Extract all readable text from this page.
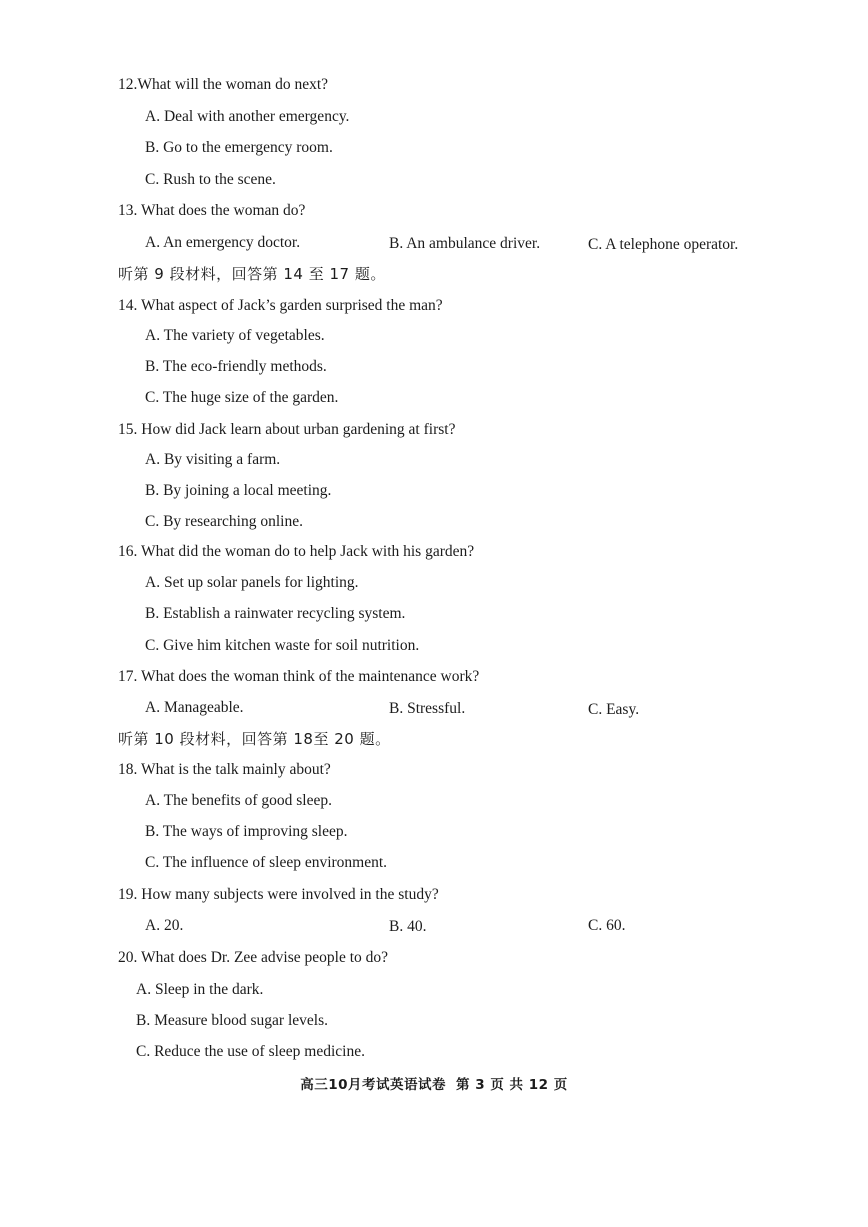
12.What will the woman do next?
A. Deal with another emergency.
B. Go to the emergency room.
C. Rush to the scene.
13. What does the woman do?
A. An emergency doctor.	B. An ambulance driver.	C. A telephone operator.
听第 9 段材料，回答第 14 至 17 题。
14. What aspect of Jack’s garden surprised the man?
A. The variety of vegetables.
B. The eco-friendly methods.
C. The huge size of the garden.
15. How did Jack learn about urban gardening at first?
A. By visiting a farm.
B. By joining a local meeting.
C. By researching online.
16. What did the woman do to help Jack with his garden?
A. Set up solar panels for lighting.
B. Establish a rainwater recycling system.
C. Give him kitchen waste for soil nutrition.
17. What does the woman think of the maintenance work?
A. Manageable.	B. Stressful.	C. Easy.
听第 10 段材料，回答第 18至 20 题。
18. What is the talk mainly about?
A. The benefits of good sleep.
B. The ways of improving sleep.
C. The influence of sleep environment.
19. How many subjects were involved in the study?
A. 20.	B. 40.	C. 60.
20. What does Dr. Zee advise people to do?
A. Sleep in the dark.
B. Measure blood sugar levels.
C. Reduce the use of sleep medicine.
高三10月考试英语试卷 第 3 页 共 12 页
